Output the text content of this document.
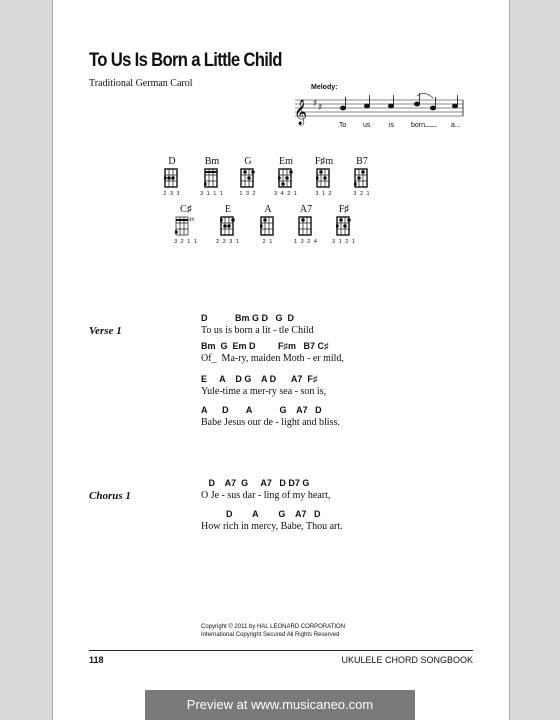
To Us Is Born a Little Child
Traditional German Carol	Melody:
𝄞 ♯ ♯
To us	is born ___ a...
D
2 3 3
Bm
3 1 1 1
G
1 3 2
Em
3 4 2 1
F♯m
3 1 2
B7
3 2 1
C♯
4fr
3 2 1 1
E
2 3 3 1
A
2 1
A7
1 3 2 4
F♯
3 1 2 1
Verse 1
D           Bm G D   G  D
To us is born a lit - tle Child
Bm  G  Em D         F♯m   B7 C♯
Of_  Ma-ry, maiden Moth - er mild,
E     A    D G    A D      A7  F♯
Yule-time a mer-ry sea - son is,
A      D       A           G    A7   D
Babe Jesus our de - light and bliss.
Chorus 1
D    A7  G     A7   D D7 G
O Je - sus dar - ling of my heart,
D        A        G    A7   D
How rich in mercy, Babe, Thou art.
Copyright © 2011 by HAL LEONARD CORPORATION
International Copyright Secured All Rights Reserved
118	UKULELE CHORD SONGBOOK
Preview at www.musicaneo.com
